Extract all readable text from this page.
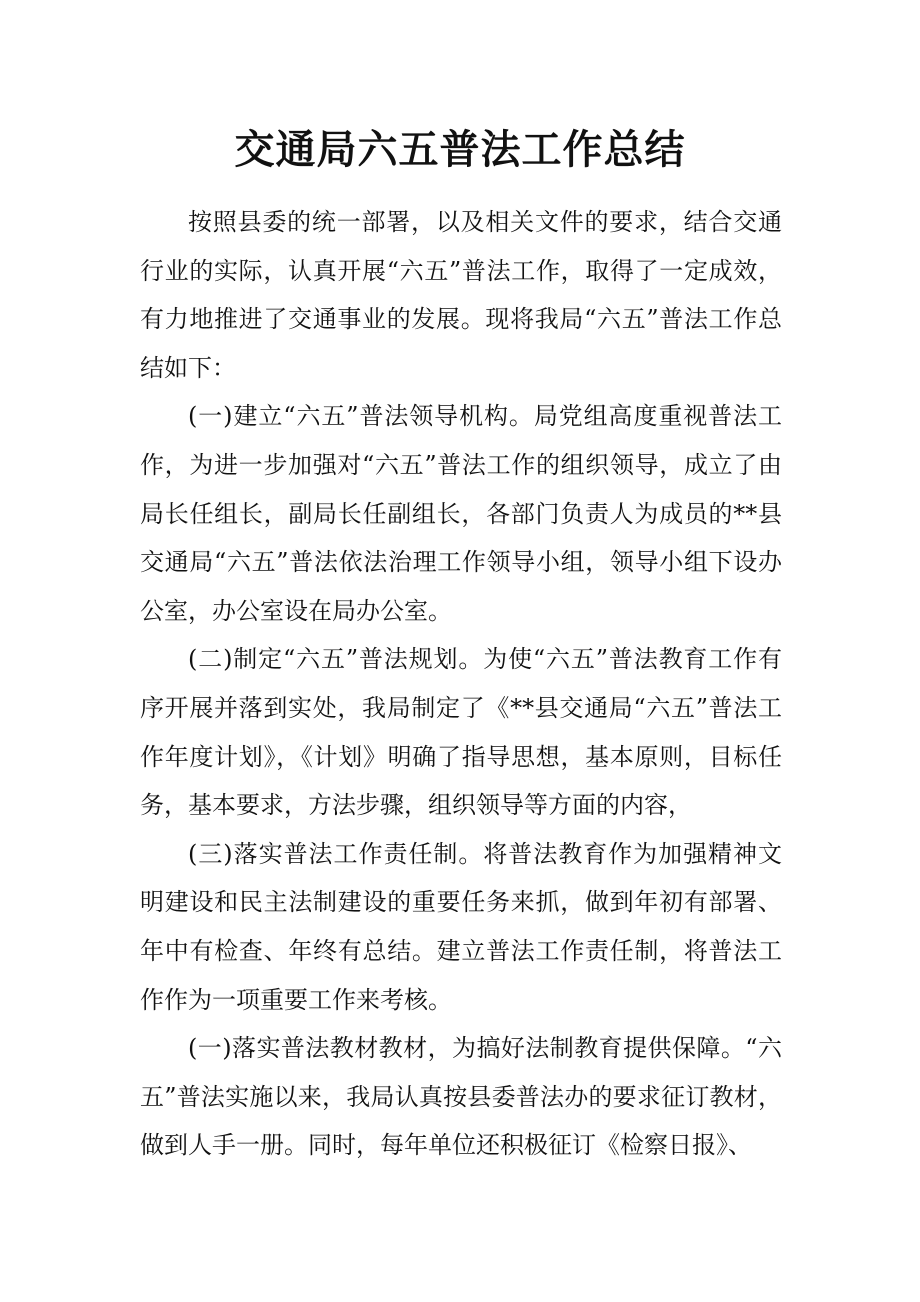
交通局六五普法工作总结

按照县委的统一部署，以及相关文件的要求，结合交通行业的实际，认真开展“六五”普法工作，取得了一定成效，有力地推进了交通事业的发展。现将我局“六五”普法工作总结如下：

(一)建立“六五”普法领导机构。局党组高度重视普法工作，为进一步加强对“六五”普法工作的组织领导，成立了由局长任组长，副局长任副组长，各部门负责人为成员的**县交通局“六五”普法依法治理工作领导小组，领导小组下设办公室，办公室设在局办公室。

(二)制定“六五”普法规划。为使“六五”普法教育工作有序开展并落到实处，我局制定了《**县交通局“六五”普法工作年度计划》，《计划》明确了指导思想，基本原则，目标任务，基本要求，方法步骤，组织领导等方面的内容，

(三)落实普法工作责任制。将普法教育作为加强精神文明建设和民主法制建设的重要任务来抓，做到年初有部署、年中有检查、年终有总结。建立普法工作责任制，将普法工作作为一项重要工作来考核。

(一)落实普法教材教材，为搞好法制教育提供保障。“六五”普法实施以来，我局认真按县委普法办的要求征订教材，做到人手一册。同时，每年单位还积极征订《检察日报》、
